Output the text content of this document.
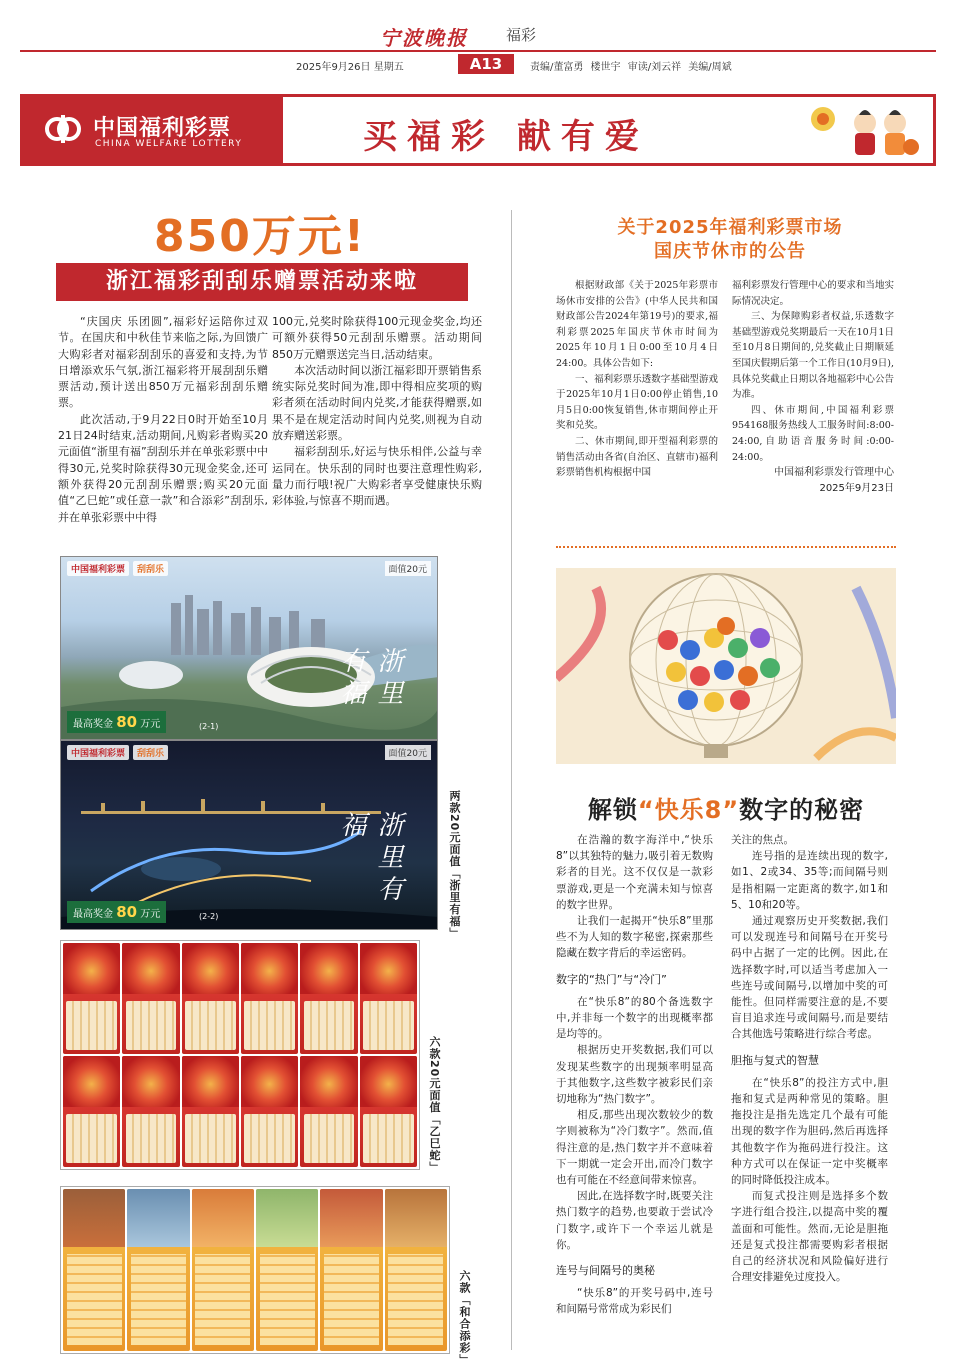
宁波晚报	福彩
2025年9月26日 星期五	A13	责编/董富勇 楼世宇 审读/刘云祥 美编/周斌
中国福利彩票
CHINA WELFARE LOTTERY	买福彩 献有爱
850万元!
浙江福彩刮刮乐赠票活动来啦

“庆国庆 乐团圆”,福彩好运陪你过双节。在国庆和中秋佳节来临之际,为回馈广大购彩者对福彩刮刮乐的喜爱和支持,为节日增添欢乐气氛,浙江福彩将开展刮刮乐赠票活动,预计送出850万元福彩刮刮乐赠票。

此次活动,于9月22日0时开始至10月21日24时结束,活动期间,凡购彩者购买20元面值“浙里有福”刮刮乐并在单张彩票中中得30元,兑奖时除获得30元现金奖金,还可额外获得20元刮刮乐赠票;购买20元面值“乙巳蛇”或任意一款”和合添彩”刮刮乐,并在单张彩票中中得

100元,兑奖时除获得100元现金奖金,均还可额外获得50元刮刮乐赠票。活动期间850万元赠票送完当日,活动结束。

本次活动时间以浙江福彩即开票销售系统实际兑奖时间为准,即中得相应奖项的购彩者须在活动时间内兑奖,才能获得赠票,如果不是在规定活动时间内兑奖,则视为自动放弃赠送彩票。

福彩刮刮乐,好运与快乐相伴,公益与幸运同在。快乐刮的同时也要注意理性购彩,量力而行哦!祝广大购彩者享受健康快乐购彩体验,与惊喜不期而遇。

中国福利彩票	刮刮乐	面值20元
浙里有福
最高奖金 80 万元	(2-1)
中国福利彩票	刮刮乐	面值20元
浙里有福
最高奖金 80 万元	(2-2)	两款20元面值「浙里有福」
六款20元面值「乙巳蛇」
六款「和合添彩」
关于2025年福利彩票市场
国庆节休市的公告

根据财政部《关于2025年彩票市场休市安排的公告》(中华人民共和国财政部公告2024年第19号)的要求,福利彩票2025年国庆节休市时间为2025年10月1日0:00至10月4日24:00。具体公告如下:

一、福利彩票乐透数字基础型游戏于2025年10月1日0:00停止销售,10月5日0:00恢复销售,休市期间停止开奖和兑奖。

二、休市期间,即开型福利彩票的销售活动由各省(自治区、直辖市)福利彩票销售机构根据中国

福利彩票发行管理中心的要求和当地实际情况决定。

三、为保障购彩者权益,乐透数字基础型游戏兑奖期最后一天在10月1日至10月8日期间的,兑奖截止日期顺延至国庆假期后第一个工作日(10月9日),具体兑奖截止日期以各地福彩中心公告为准。

四、休市期间,中国福利彩票954168服务热线人工服务时间:8:00-24:00,自助语音服务时间:0:00-24:00。

中国福利彩票发行管理中心
2025年9月23日
解锁“快乐8”数字的秘密

在浩瀚的数字海洋中,“快乐8”以其独特的魅力,吸引着无数购彩者的目光。这不仅仅是一款彩票游戏,更是一个充满未知与惊喜的数字世界。

让我们一起揭开“快乐8”里那些不为人知的数字秘密,探索那些隐藏在数字背后的幸运密码。

数字的“热门”与“冷门”

在“快乐8”的80个备选数字中,并非每一个数字的出现概率都是均等的。

根据历史开奖数据,我们可以发现某些数字的出现频率明显高于其他数字,这些数字被彩民们亲切地称为“热门数字”。

相反,那些出现次数较少的数字则被称为“冷门数字”。然而,值得注意的是,热门数字并不意味着下一期就一定会开出,而冷门数字也有可能在不经意间带来惊喜。

因此,在选择数字时,既要关注热门数字的趋势,也要敢于尝试冷门数字,或许下一个幸运儿就是你。

连号与间隔号的奥秘

“快乐8”的开奖号码中,连号和间隔号常常成为彩民们

关注的焦点。

连号指的是连续出现的数字,如1、2或34、35等;而间隔号则是指相隔一定距离的数字,如1和5、10和20等。

通过观察历史开奖数据,我们可以发现连号和间隔号在开奖号码中占据了一定的比例。因此,在选择数字时,可以适当考虑加入一些连号或间隔号,以增加中奖的可能性。但同样需要注意的是,不要盲目追求连号或间隔号,而是要结合其他选号策略进行综合考虑。

胆拖与复式的智慧

在“快乐8”的投注方式中,胆拖和复式是两种常见的策略。胆拖投注是指先选定几个最有可能出现的数字作为胆码,然后再选择其他数字作为拖码进行投注。这种方式可以在保证一定中奖概率的同时降低投注成本。

而复式投注则是选择多个数字进行组合投注,以提高中奖的覆盖面和可能性。然而,无论是胆拖还是复式投注都需要购彩者根据自己的经济状况和风险偏好进行合理安排避免过度投入。
